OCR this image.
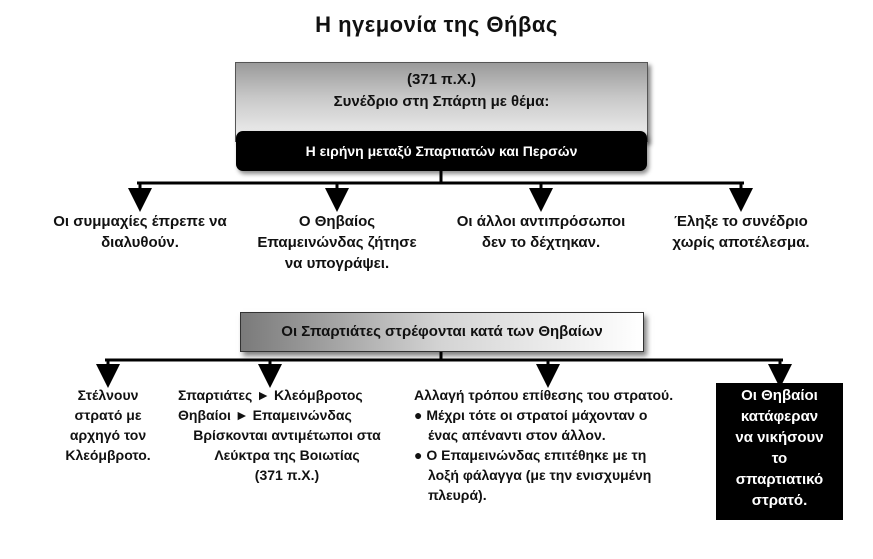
Η ηγεμονία της Θήβας
(371 π.Χ.)
Συνέδριο στη Σπάρτη με θέμα:
Η ειρήνη μεταξύ Σπαρτιατών και Περσών
Οι συμμαχίες έπρεπε να
διαλυθούν.
Ο Θηβαίος
Επαμεινώνδας ζήτησε
να υπογράψει.
Οι άλλοι αντιπρόσωποι
δεν το δέχτηκαν.
Έληξε το συνέδριο
χωρίς αποτέλεσμα.
Οι Σπαρτιάτες στρέφονται κατά των Θηβαίων
Στέλνουν
στρατό με
αρχηγό τον
Κλεόμβροτο.
Σπαρτιάτες ► Κλεόμβροτος
Θηβαίοι ► Επαμεινώνδας
Βρίσκονται αντιμέτωποι στα
Λεύκτρα της Βοιωτίας
(371 π.Χ.)
Αλλαγή τρόπου επίθεσης του στρατού.
● Μέχρι τότε οι στρατοί μάχονταν ο
ένας απέναντι στον άλλον.
● Ο Επαμεινώνδας επιτέθηκε με τη
λοξή φάλαγγα (με την ενισχυμένη
πλευρά).
Οι Θηβαίοι
κατάφεραν
να νικήσουν
το
σπαρτιατικό
στρατό.
